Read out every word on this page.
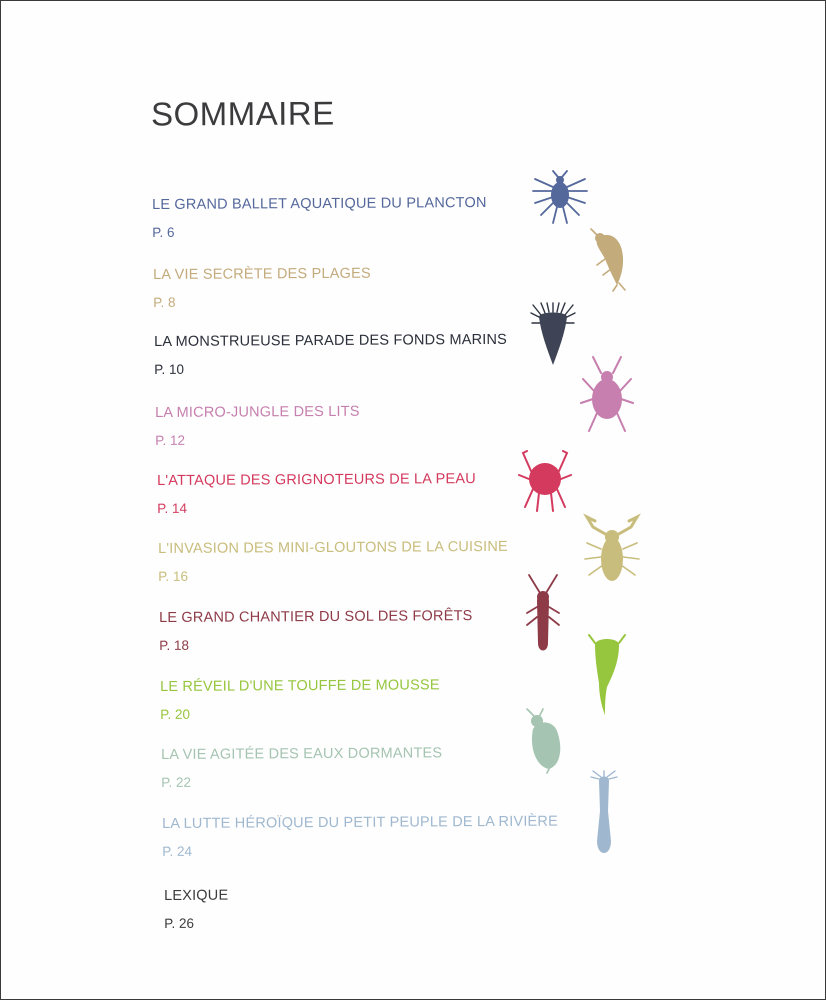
SOMMAIRE
LE GRAND BALLET AQUATIQUE DU PLANCTON
P. 6
LA VIE SECRÈTE DES PLAGES
P. 8
LA MONSTRUEUSE PARADE DES FONDS MARINS
P. 10
LA MICRO-JUNGLE DES LITS
P. 12
L'ATTAQUE DES GRIGNOTEURS DE LA PEAU
P. 14
L'INVASION DES MINI-GLOUTONS DE LA CUISINE
P. 16
LE GRAND CHANTIER DU SOL DES FORÊTS
P. 18
LE RÉVEIL D'UNE TOUFFE DE MOUSSE
P. 20
LA VIE AGITÉE DES EAUX DORMANTES
P. 22
LA LUTTE HÉROÏQUE DU PETIT PEUPLE DE LA RIVIÈRE
P. 24
LEXIQUE
P. 26
